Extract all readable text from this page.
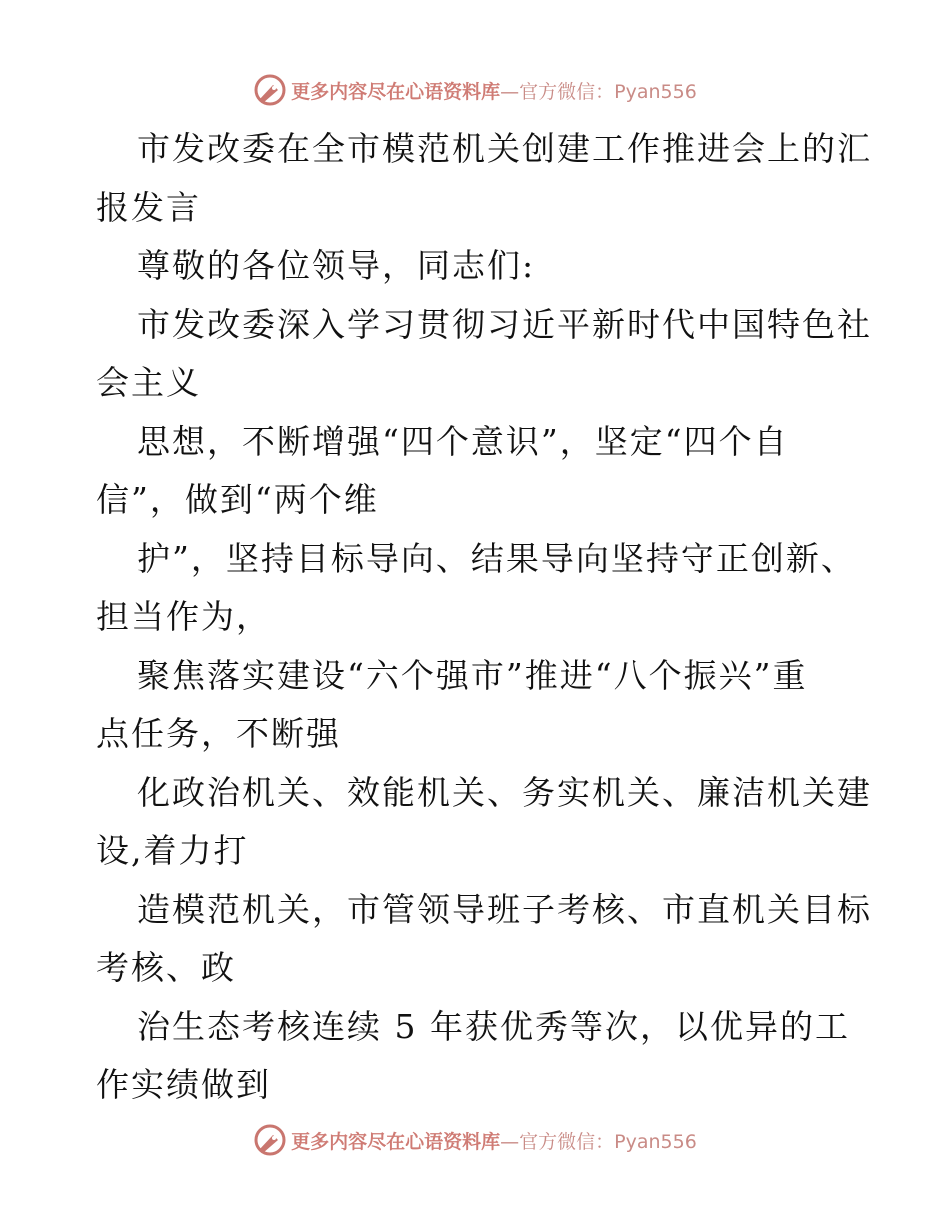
更多内容尽在心语资料库—官方微信：Pyan556
市发改委在全市模范机关创建工作推进会上的汇
报发言
尊敬的各位领导，同志们:
市发改委深入学习贯彻习近平新时代中国特色社
会主义
思想，不断增强“四个意识”，坚定“四个自
信”，做到“两个维
护”，坚持目标导向、结果导向坚持守正创新、
担当作为，
聚焦落实建设“六个强市”推进“八个振兴”重
点任务，不断强
化政治机关、效能机关、务实机关、廉洁机关建
设,着力打
造模范机关，市管领导班子考核、市直机关目标
考核、政
治生态考核连续 5 年获优秀等次，以优异的工
作实绩做到
更多内容尽在心语资料库—官方微信：Pyan556
